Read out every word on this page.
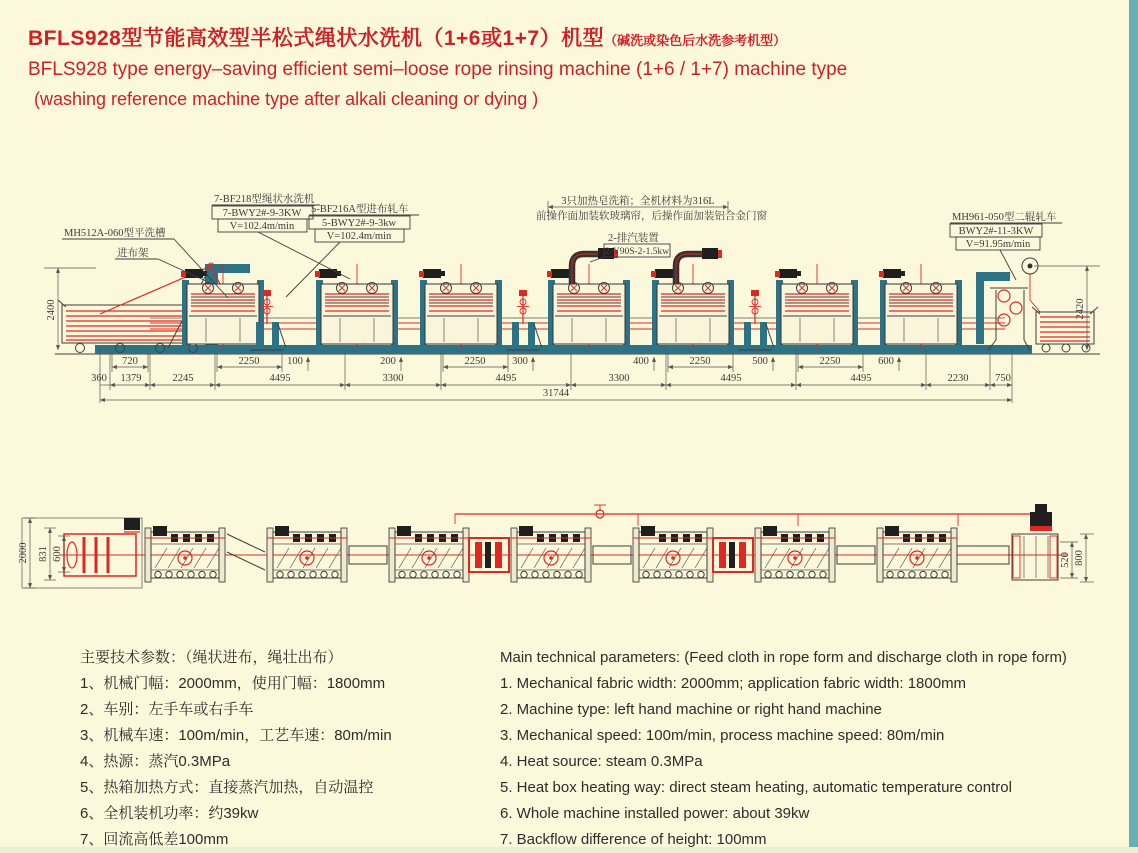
BFLS928型节能高效型半松式绳状水洗机（1+6或1+7）机型（碱洗或染色后水洗参考机型）
BFLS928 type energy–saving efficient semi–loose rope rinsing machine (1+6 / 1+7) machine type
(washing reference machine type after alkali cleaning or dying )
MH512A-060型平洗槽
进布架
7-BF218型绳状水洗机
7-BWY2#-9-3KW
V=102.4m/min
5-BF216A型进布轧车
5-BWY2#-9-3kw
V=102.4m/min
3只加热皂洗箱；全机材料为316L
前操作面加装软玻璃帘，后操作面加装铝合金门窗
2-排汽装置
2-Y90S-2-1.5kw
MH961-050型二辊轧车
BWY2#-11-3KW
V=91.95m/min
2400	2420
720	2250	100	200	2250	300	400	2250	500	2250	600
360 1379	2245	4495	3300	4495	3300	4495	4495	2230	750
31744
2000 831 600	520 800
主要技术参数：（绳状进布，绳壮出布）
1、机械门幅：2000mm，使用门幅：1800mm
2、车别：左手车或右手车
3、机械车速：100m/min，工艺车速：80m/min
4、热源：蒸汽0.3MPa
5、热箱加热方式：直接蒸汽加热，自动温控
6、全机装机功率：约39kw
7、回流高低差100mm
Main technical parameters: (Feed cloth in rope form and discharge cloth in rope form)
1. Mechanical fabric width: 2000mm; application fabric width: 1800mm
2. Machine type: left hand machine or right hand machine
3. Mechanical speed: 100m/min, process machine speed: 80m/min
4. Heat source: steam 0.3MPa
5. Heat box heating way: direct steam heating, automatic temperature control
6. Whole machine installed power: about 39kw
7. Backflow difference of height: 100mm
